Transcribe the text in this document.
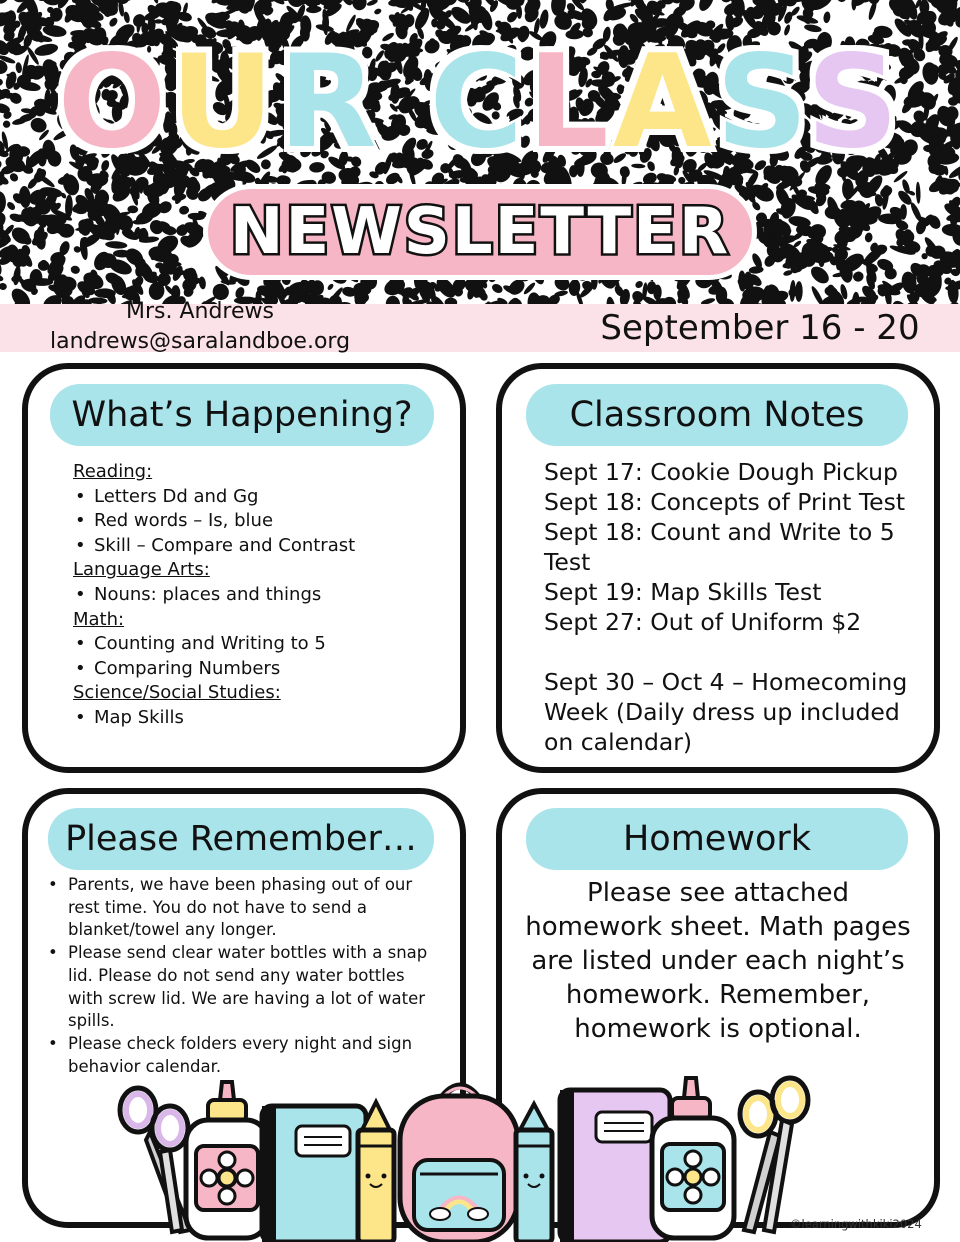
OUR CLASS
NEWSLETTER
Mrs. Andrews
landrews@saralandboe.org	September 16 - 20
What’s Happening?
Reading:
• Letters Dd and Gg
• Red words – Is, blue
• Skill – Compare and Contrast
Language Arts:
• Nouns: places and things
Math:
• Counting and Writing to 5
• Comparing Numbers
Science/Social Studies:
• Map Skills
Classroom Notes
Sept 17: Cookie Dough Pickup
Sept 18: Concepts of Print Test
Sept 18: Count and Write to 5 Test
Sept 19: Map Skills Test
Sept 27: Out of Uniform $2
Sept 30 – Oct 4 – Homecoming Week (Daily dress up included on calendar)
Please Remember…
• Parents, we have been phasing out of our rest time. You do not have to send a blanket/towel any longer.
• Please send clear water bottles with a snap lid. Please do not send any water bottles with screw lid. We are having a lot of water spills.
• Please check folders every night and sign behavior calendar.
Homework
Please see attached homework sheet. Math pages are listed under each night’s homework. Remember, homework is optional.
©learningwithkiki2024
